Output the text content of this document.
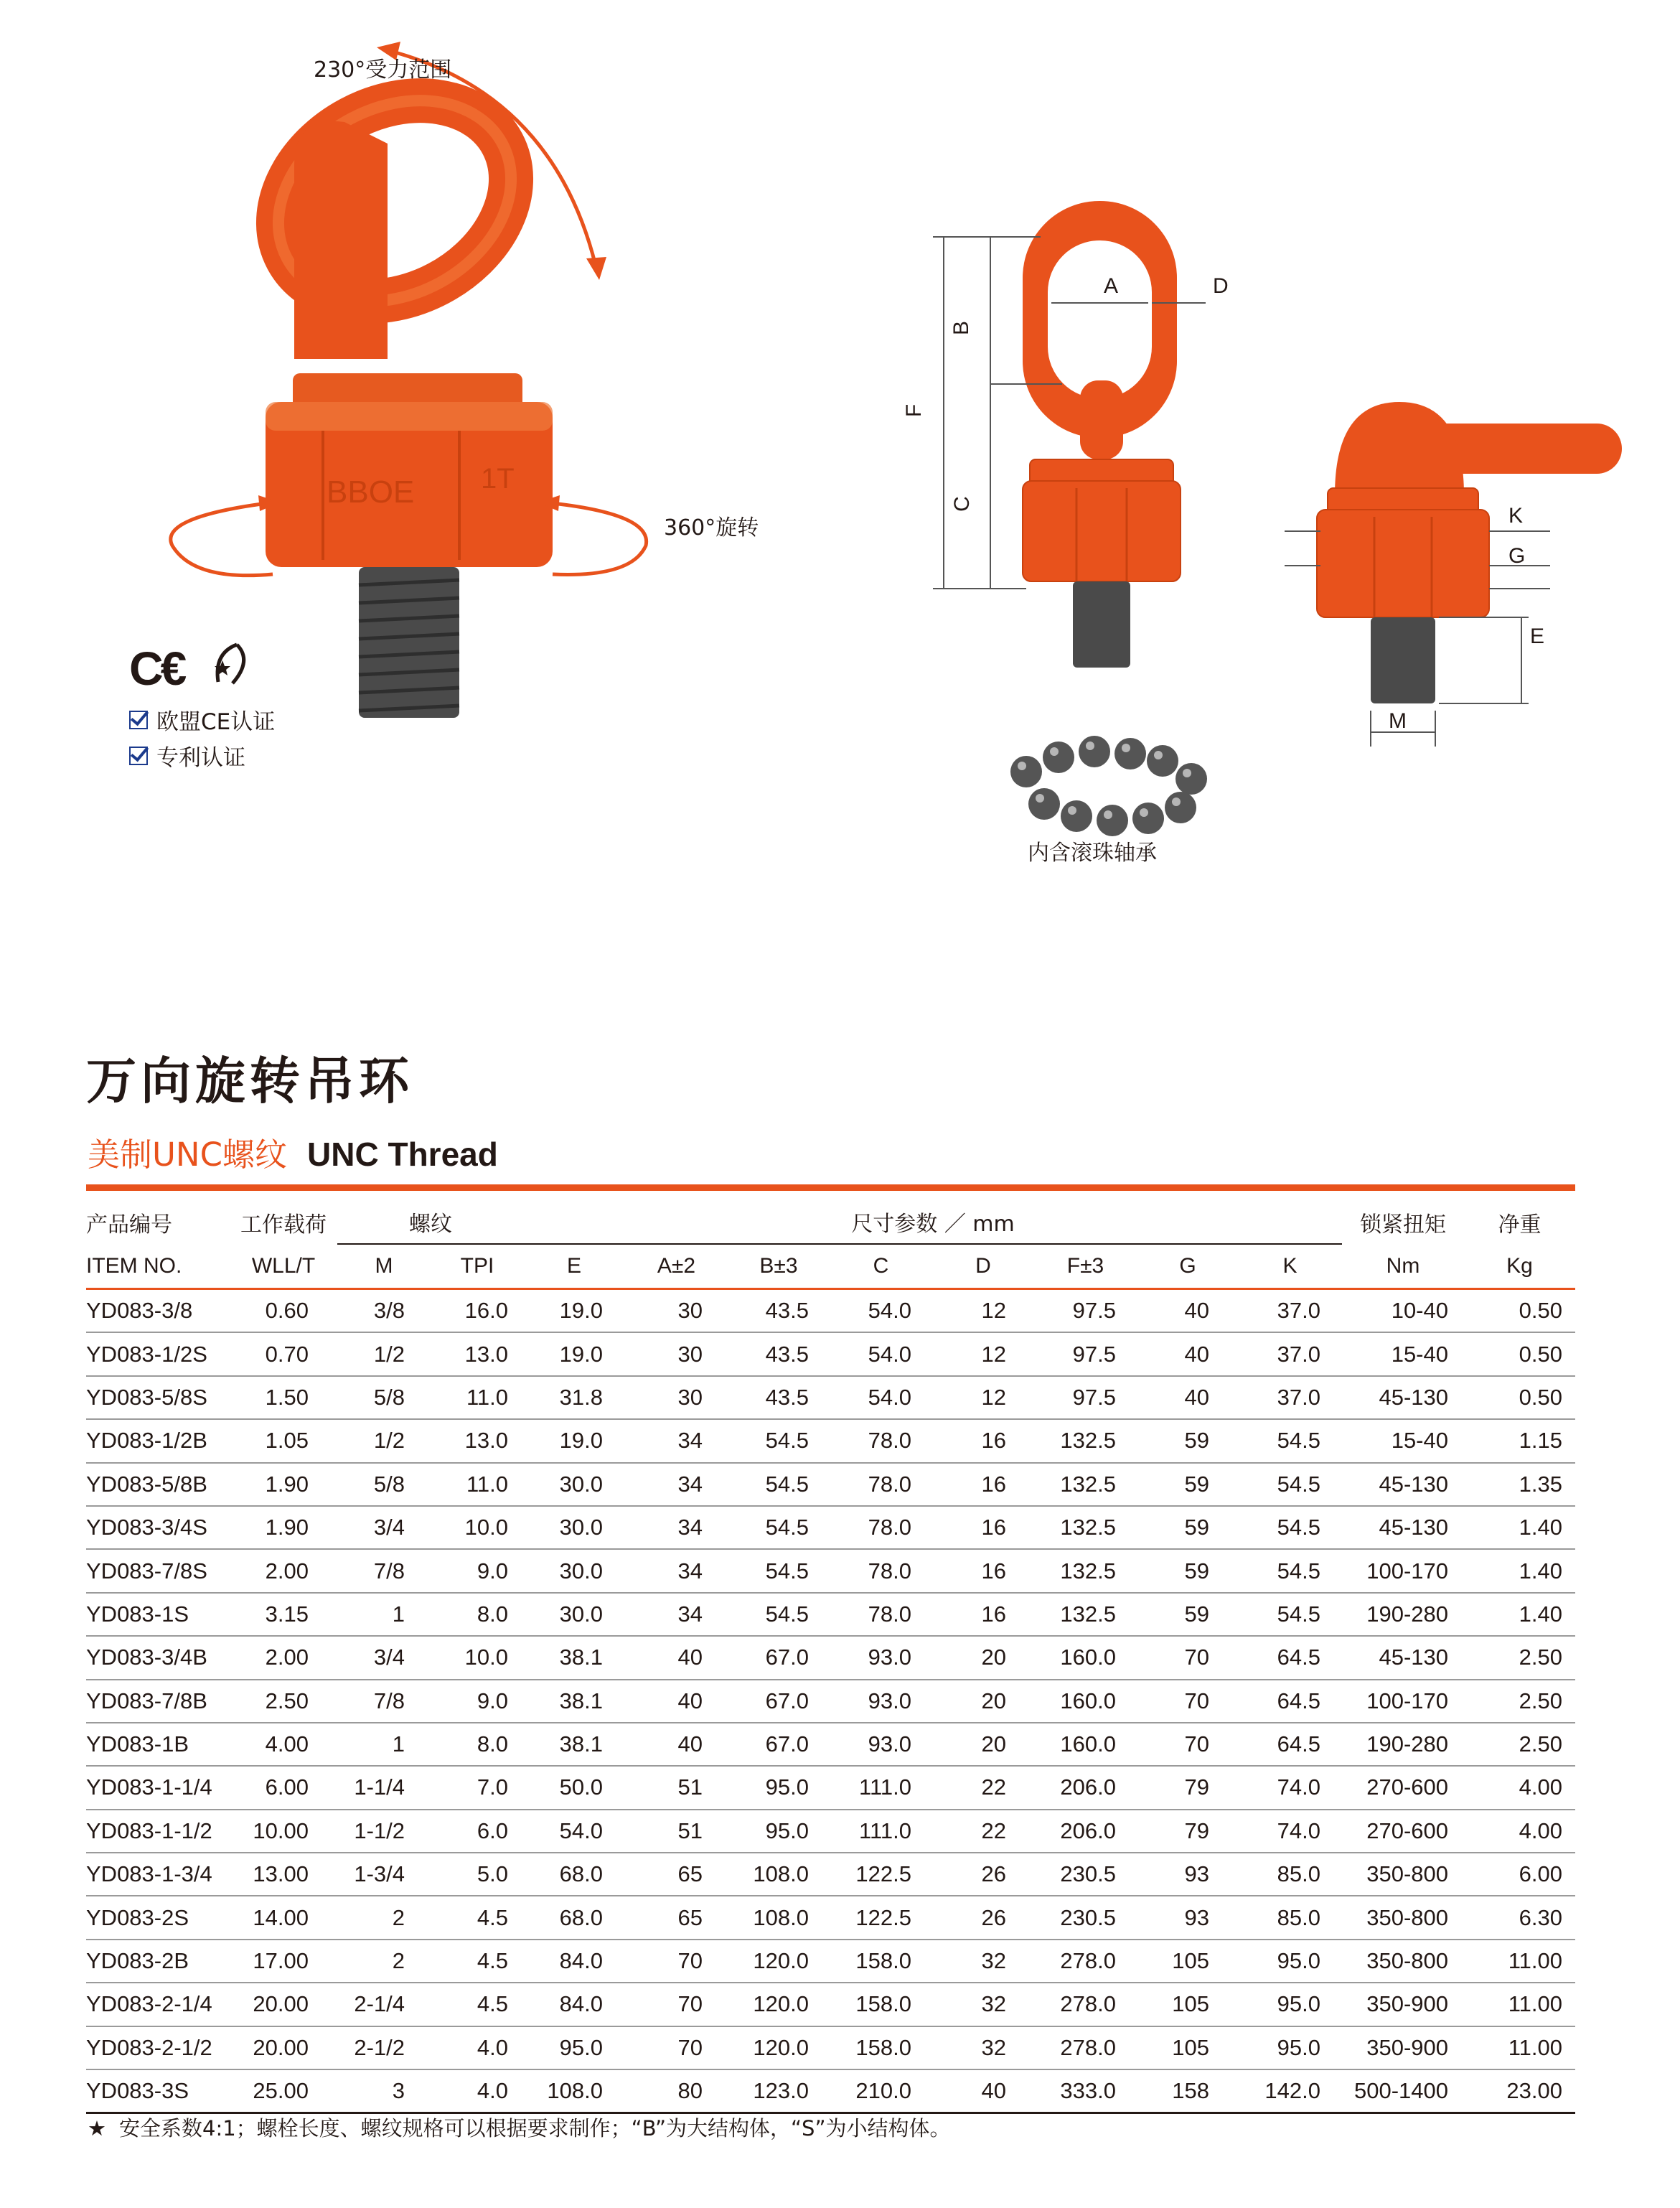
BBOE 1T
230°受力范围
360°旋转
C€
欧盟CE认证
专利认证
A	D
B
F
C	K
G
E
M
内含滚珠轴承
万向旋转吊环
美制UNC螺纹 UNC Thread
产品编号	工作载荷	螺纹		尺寸参数 ／ mm								锁紧扭矩	净重
ITEM NO.	WLL/T	M	TPI	E	A±2	B±3	C	D	F±3	G	K	Nm	Kg
YD083-3/8	0.60	3/8	16.0	19.0	30	43.5	54.0	12	97.5	40	37.0	10-40	0.50
YD083-1/2S	0.70	1/2	13.0	19.0	30	43.5	54.0	12	97.5	40	37.0	15-40	0.50
YD083-5/8S	1.50	5/8	11.0	31.8	30	43.5	54.0	12	97.5	40	37.0	45-130	0.50
YD083-1/2B	1.05	1/2	13.0	19.0	34	54.5	78.0	16	132.5	59	54.5	15-40	1.15
YD083-5/8B	1.90	5/8	11.0	30.0	34	54.5	78.0	16	132.5	59	54.5	45-130	1.35
YD083-3/4S	1.90	3/4	10.0	30.0	34	54.5	78.0	16	132.5	59	54.5	45-130	1.40
YD083-7/8S	2.00	7/8	9.0	30.0	34	54.5	78.0	16	132.5	59	54.5	100-170	1.40
YD083-1S	3.15	1	8.0	30.0	34	54.5	78.0	16	132.5	59	54.5	190-280	1.40
YD083-3/4B	2.00	3/4	10.0	38.1	40	67.0	93.0	20	160.0	70	64.5	45-130	2.50
YD083-7/8B	2.50	7/8	9.0	38.1	40	67.0	93.0	20	160.0	70	64.5	100-170	2.50
YD083-1B	4.00	1	8.0	38.1	40	67.0	93.0	20	160.0	70	64.5	190-280	2.50
YD083-1-1/4	6.00	1-1/4	7.0	50.0	51	95.0	111.0	22	206.0	79	74.0	270-600	4.00
YD083-1-1/2	10.00	1-1/2	6.0	54.0	51	95.0	111.0	22	206.0	79	74.0	270-600	4.00
YD083-1-3/4	13.00	1-3/4	5.0	68.0	65	108.0	122.5	26	230.5	93	85.0	350-800	6.00
YD083-2S	14.00	2	4.5	68.0	65	108.0	122.5	26	230.5	93	85.0	350-800	6.30
YD083-2B	17.00	2	4.5	84.0	70	120.0	158.0	32	278.0	105	95.0	350-800	11.00
YD083-2-1/4	20.00	2-1/4	4.5	84.0	70	120.0	158.0	32	278.0	105	95.0	350-900	11.00
YD083-2-1/2	20.00	2-1/2	4.0	95.0	70	120.0	158.0	32	278.0	105	95.0	350-900	11.00
YD083-3S	25.00	3	4.0	108.0	80	123.0	210.0	40	333.0	158	142.0	500-1400	23.00
★ 安全系数4:1；螺栓长度、螺纹规格可以根据要求制作；“B”为大结构体，“S”为小结构体。
